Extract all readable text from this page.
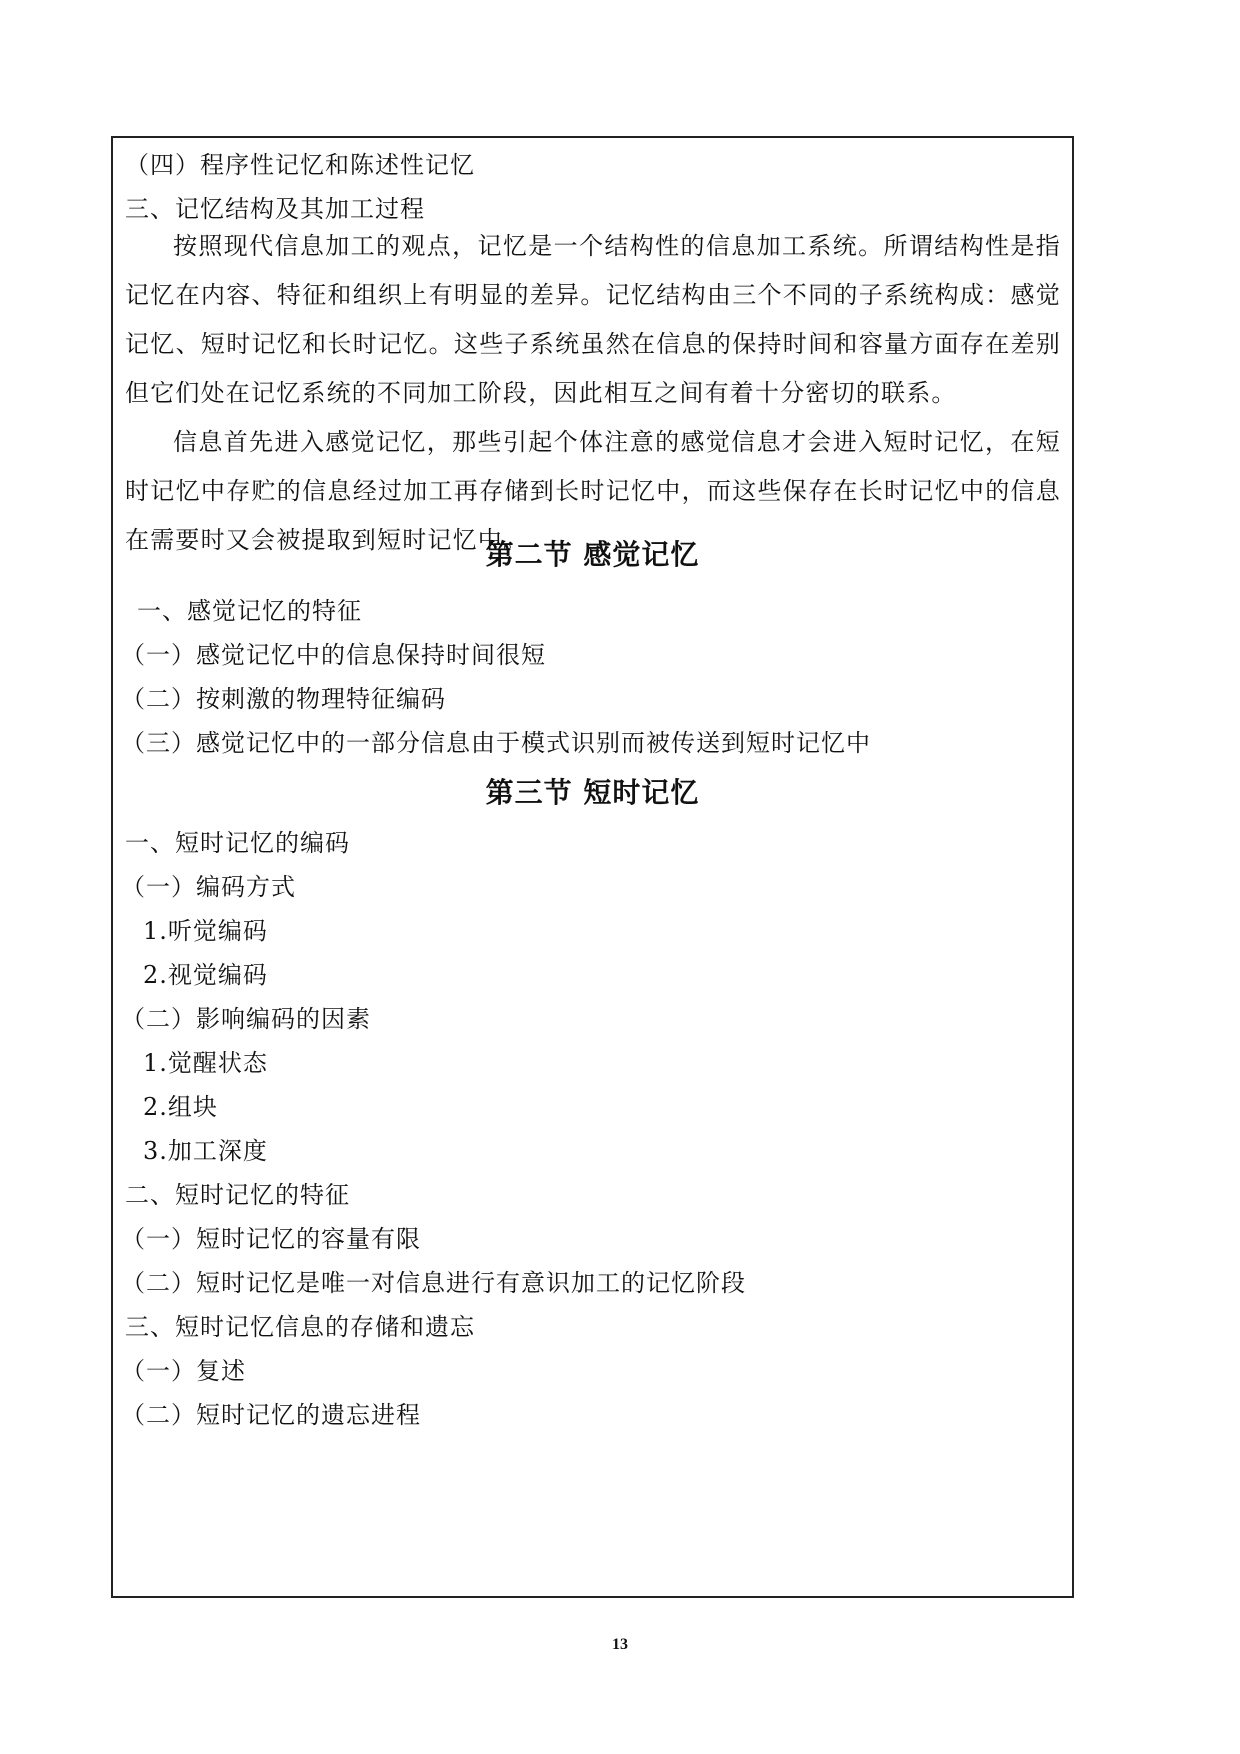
（四）程序性记忆和陈述性记忆
三、记忆结构及其加工过程
按照现代信息加工的观点，记忆是一个结构性的信息加工系统。所谓结构性是指记忆在内容、特征和组织上有明显的差异。记忆结构由三个不同的子系统构成：感觉记忆、短时记忆和长时记忆。这些子系统虽然在信息的保持时间和容量方面存在差别但它们处在记忆系统的不同加工阶段，因此相互之间有着十分密切的联系。
信息首先进入感觉记忆，那些引起个体注意的感觉信息才会进入短时记忆，在短时记忆中存贮的信息经过加工再存储到长时记忆中，而这些保存在长时记忆中的信息在需要时又会被提取到短时记忆中。
第二节 感觉记忆
一、感觉记忆的特征
（一）感觉记忆中的信息保持时间很短
（二）按刺激的物理特征编码
（三）感觉记忆中的一部分信息由于模式识别而被传送到短时记忆中
第三节 短时记忆
一、短时记忆的编码
（一）编码方式
1.听觉编码
2.视觉编码
（二）影响编码的因素
1.觉醒状态
2.组块
3.加工深度
二、短时记忆的特征
（一）短时记忆的容量有限
（二）短时记忆是唯一对信息进行有意识加工的记忆阶段
三、短时记忆信息的存储和遗忘
（一）复述
（二）短时记忆的遗忘进程
13
